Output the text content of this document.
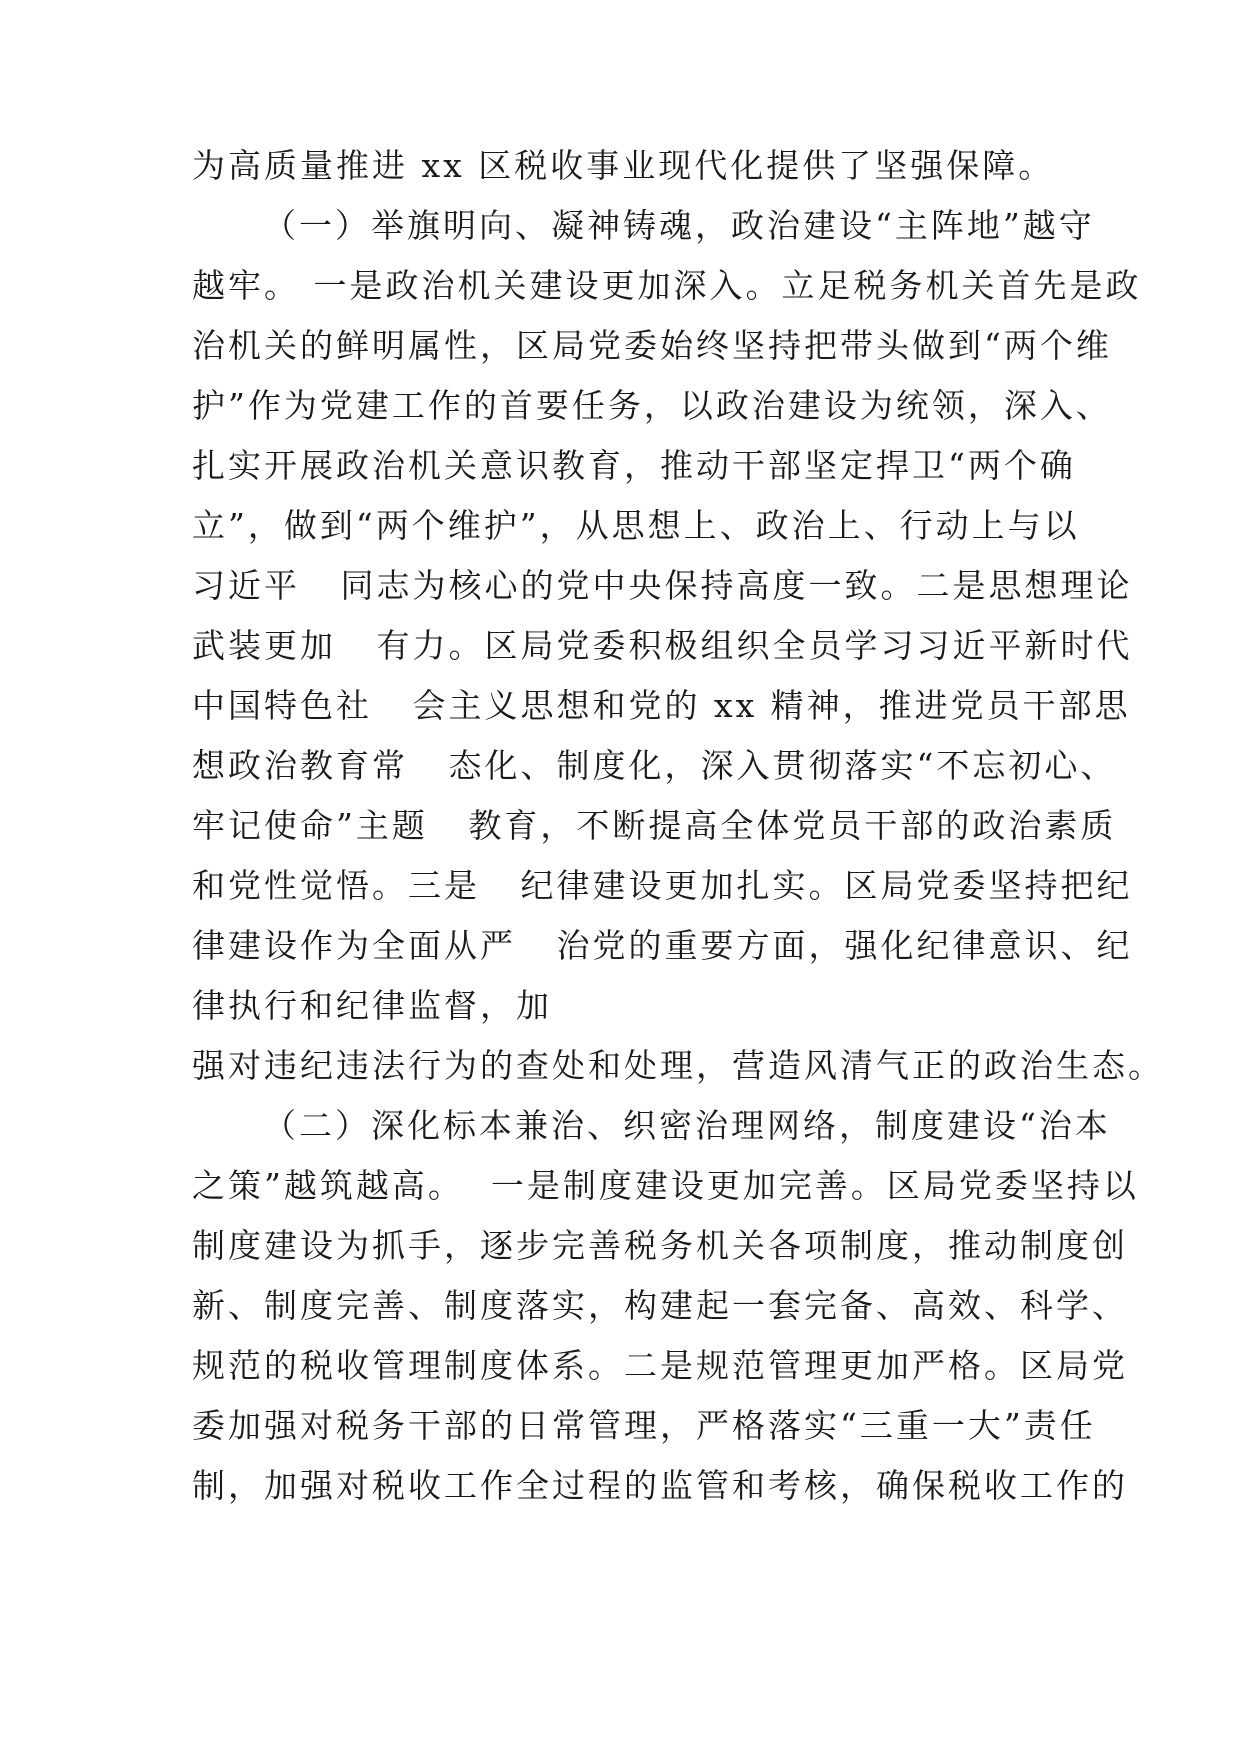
为高质量推进 xx 区税收事业现代化提供了坚强保障。
（一）举旗明向、凝神铸魂，政治建设“主阵地”越守
越牢。 一是政治机关建设更加深入。立足税务机关首先是政
治机关的鲜明属性，区局党委始终坚持把带头做到“两个维
护”作为党建工作的首要任务，以政治建设为统领，深入、
扎实开展政治机关意识教育，推动干部坚定捍卫“两个确
立”，做到“两个维护”，从思想上、政治上、行动上与以
习近平   同志为核心的党中央保持高度一致。二是思想理论
武装更加   有力。区局党委积极组织全员学习习近平新时代
中国特色社   会主义思想和党的 xx 精神，推进党员干部思
想政治教育常   态化、制度化，深入贯彻落实“不忘初心、
牢记使命”主题   教育，不断提高全体党员干部的政治素质
和党性觉悟。三是   纪律建设更加扎实。区局党委坚持把纪
律建设作为全面从严   治党的重要方面，强化纪律意识、纪
律执行和纪律监督，加
强对违纪违法行为的查处和处理，营造风清气正的政治生态。
（二）深化标本兼治、织密治理网络，制度建设“治本
之策”越筑越高。  一是制度建设更加完善。区局党委坚持以
制度建设为抓手，逐步完善税务机关各项制度，推动制度创
新、制度完善、制度落实，构建起一套完备、高效、科学、
规范的税收管理制度体系。二是规范管理更加严格。区局党
委加强对税务干部的日常管理，严格落实“三重一大”责任
制，加强对税收工作全过程的监管和考核，确保税收工作的
